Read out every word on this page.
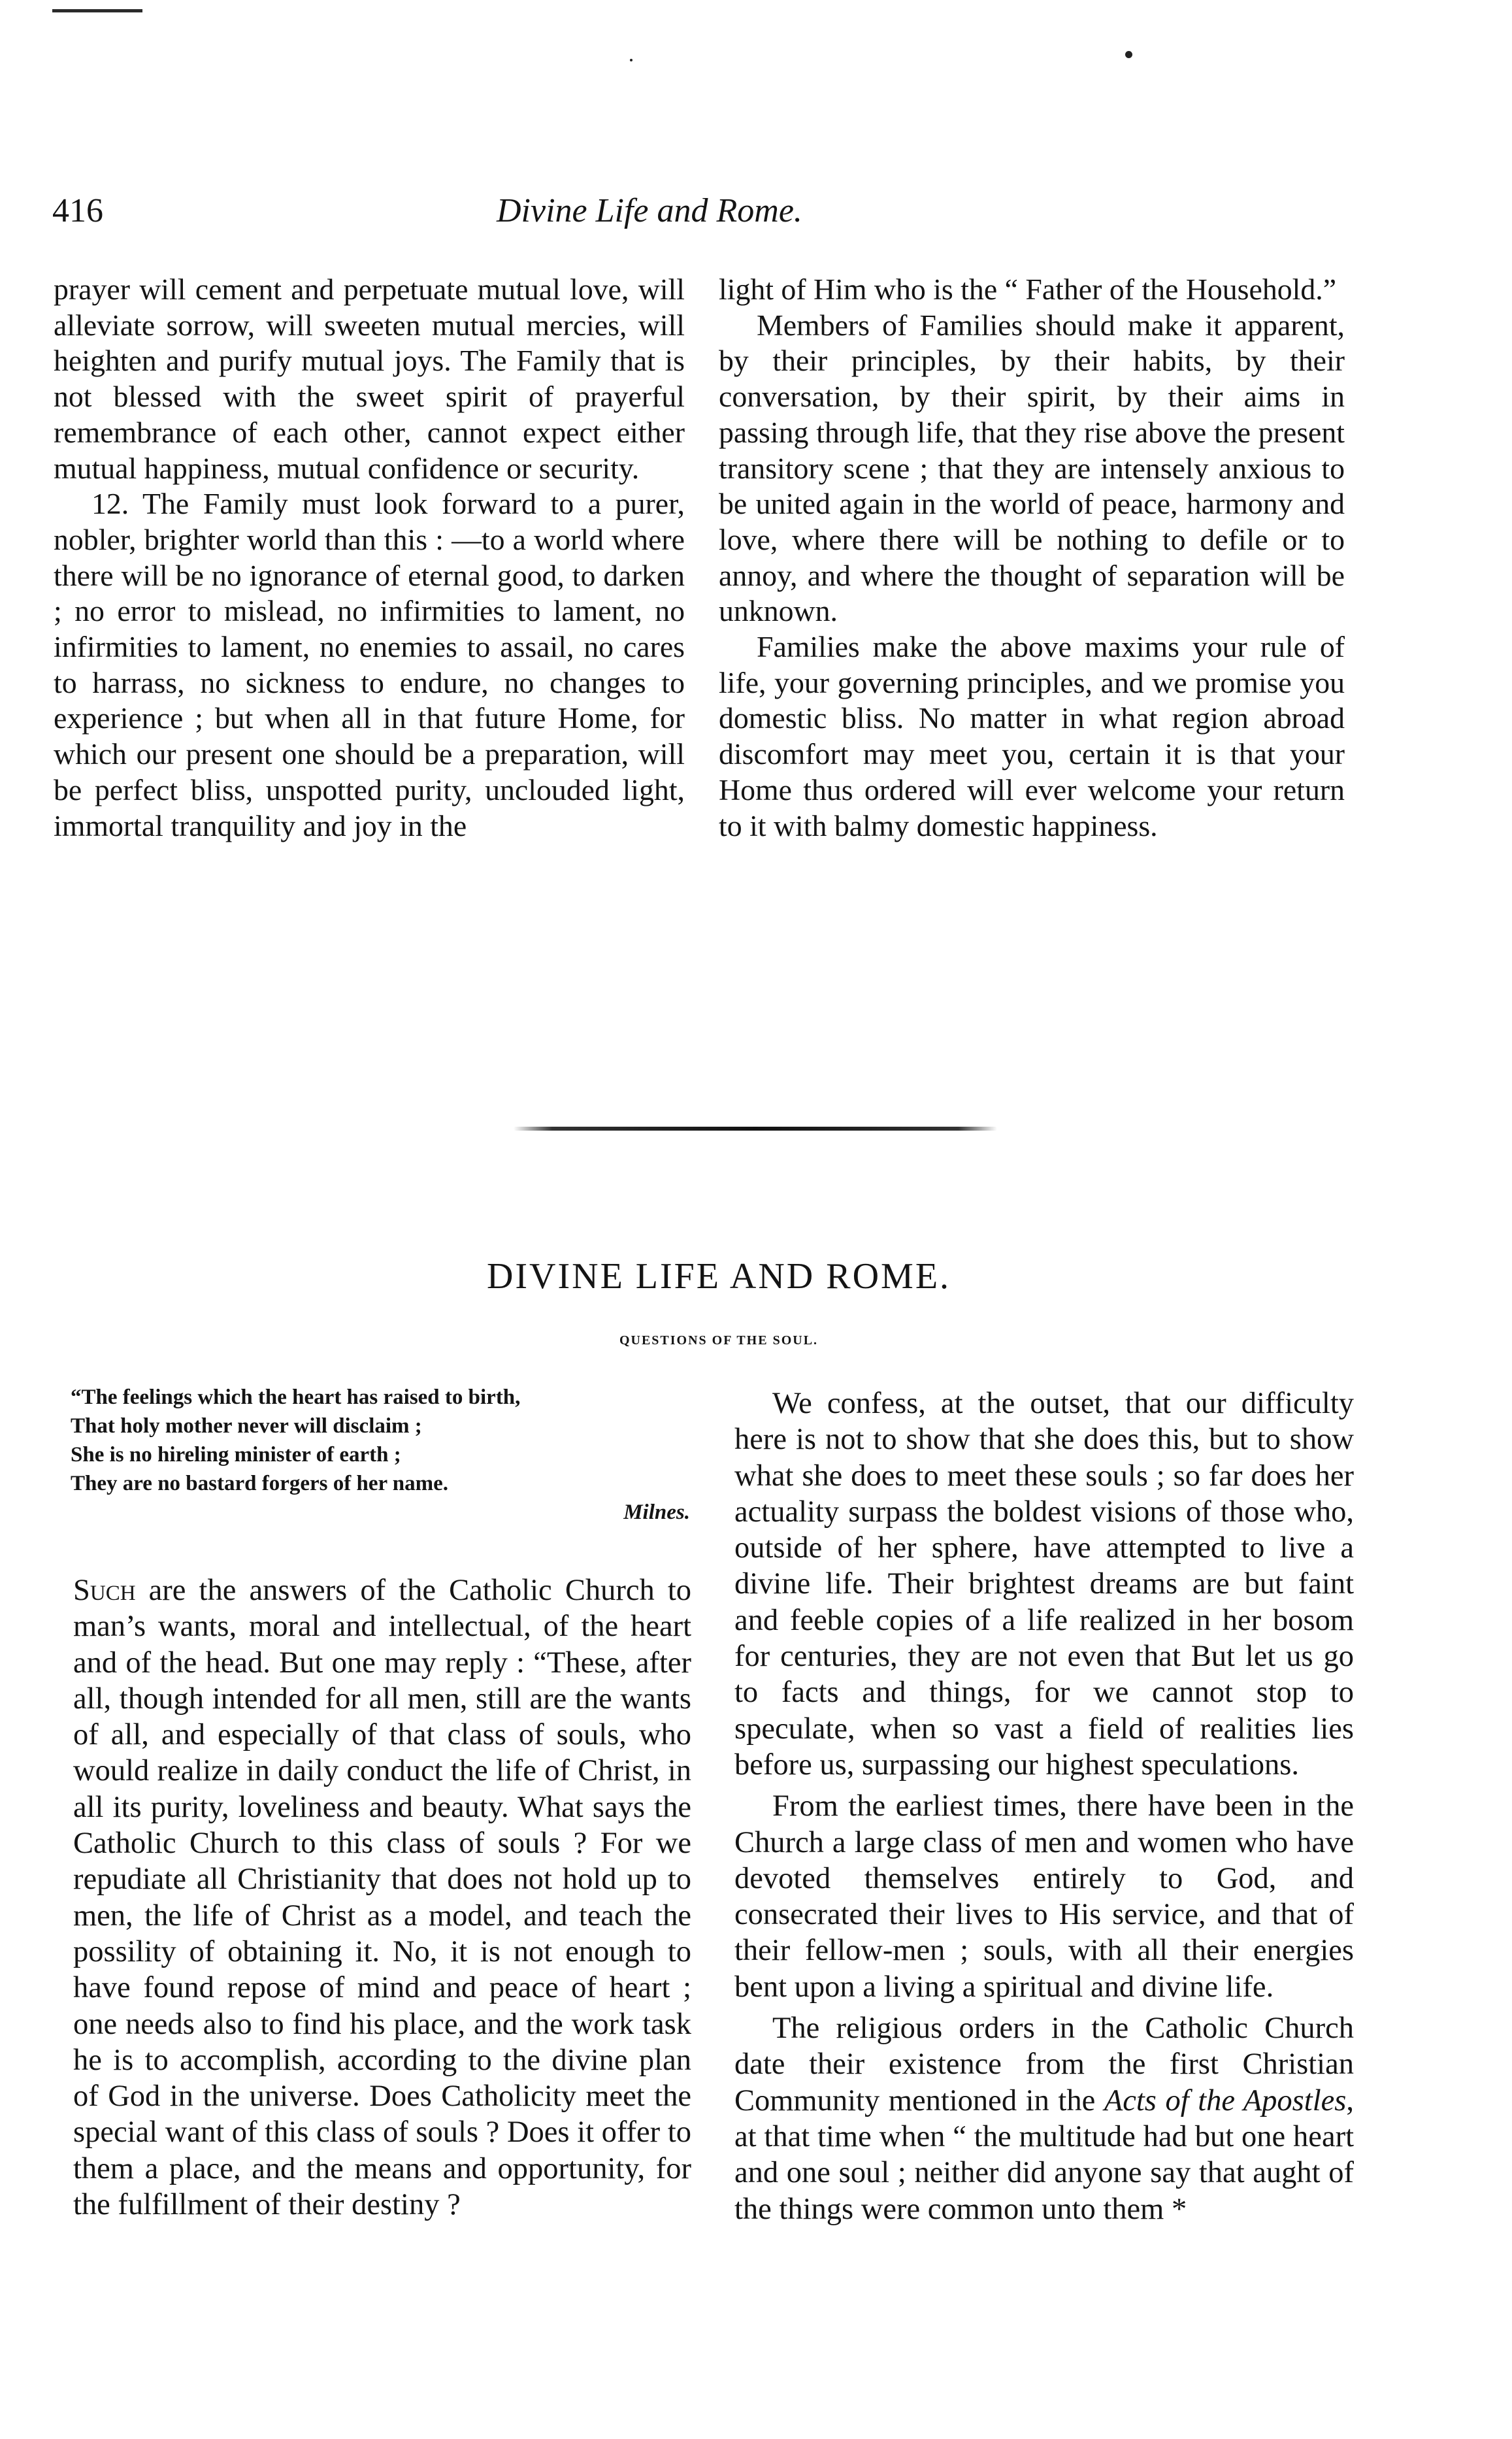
416	Divine Life and Rome.

prayer will cement and perpetuate mutual love, will alleviate sorrow, will sweeten mutual mercies, will heighten and purify mutual joys. The Family that is not blessed with the sweet spirit of prayerful remembrance of each other, cannot expect either mutual happiness, mutual confidence or security.

12. The Family must look forward to a purer, nobler, brighter world than this : —to a world where there will be no ignorance of eternal good, to darken ; no error to mislead, no infirmities to lament, no infirmities to lament, no enemies to assail, no cares to harrass, no sickness to endure, no changes to experience ; but when all in that future Home, for which our present one should be a preparation, will be perfect bliss, unspotted purity, unclouded light, immortal tranquility and joy in the

light of Him who is the “ Father of the Household.”

Members of Families should make it apparent, by their principles, by their habits, by their conversation, by their spirit, by their aims in passing through life, that they rise above the present transitory scene ; that they are intensely anxious to be united again in the world of peace, harmony and love, where there will be nothing to defile or to annoy, and where the thought of separation will be unknown.

Families make the above maxims your rule of life, your governing principles, and we promise you domestic bliss. No matter in what region abroad discomfort may meet you, certain it is that your Home thus ordered will ever welcome your return to it with balmy domestic happiness.

DIVINE LIFE AND ROME.
QUESTIONS OF THE SOUL.
“The feelings which the heart has raised to birth,
That holy mother never will disclaim ;
She is no hireling minister of earth ;
They are no bastard forgers of her name.
Milnes.

Such are the answers of the Catholic Church to man’s wants, moral and intellectual, of the heart and of the head. But one may reply : “These, after all, though intended for all men, still are the wants of all, and especially of that class of souls, who would realize in daily conduct the life of Christ, in all its purity, loveliness and beauty. What says the Catholic Church to this class of souls ? For we repudiate all Christianity that does not hold up to men, the life of Christ as a model, and teach the possility of obtaining it. No, it is not enough to have found repose of mind and peace of heart ; one needs also to find his place, and the work task he is to accomplish, according to the divine plan of God in the universe. Does Catholicity meet the special want of this class of souls ? Does it offer to them a place, and the means and opportunity, for the fulfillment of their destiny ?

We confess, at the outset, that our difficulty here is not to show that she does this, but to show what she does to meet these souls ; so far does her actuality surpass the boldest visions of those who, outside of her sphere, have attempted to live a divine life. Their brightest dreams are but faint and feeble copies of a life realized in her bosom for centuries, they are not even that But let us go to facts and things, for we cannot stop to speculate, when so vast a field of realities lies before us, surpassing our highest speculations.

From the earliest times, there have been in the Church a large class of men and women who have devoted themselves entirely to God, and consecrated their lives to His service, and that of their fellow-men ; souls, with all their energies bent upon a living a spiritual and divine life.

The religious orders in the Catholic Church date their existence from the first Christian Community mentioned in the Acts of the Apostles, at that time when “ the multitude had but one heart and one soul ; neither did anyone say that aught of the things were common unto them *
